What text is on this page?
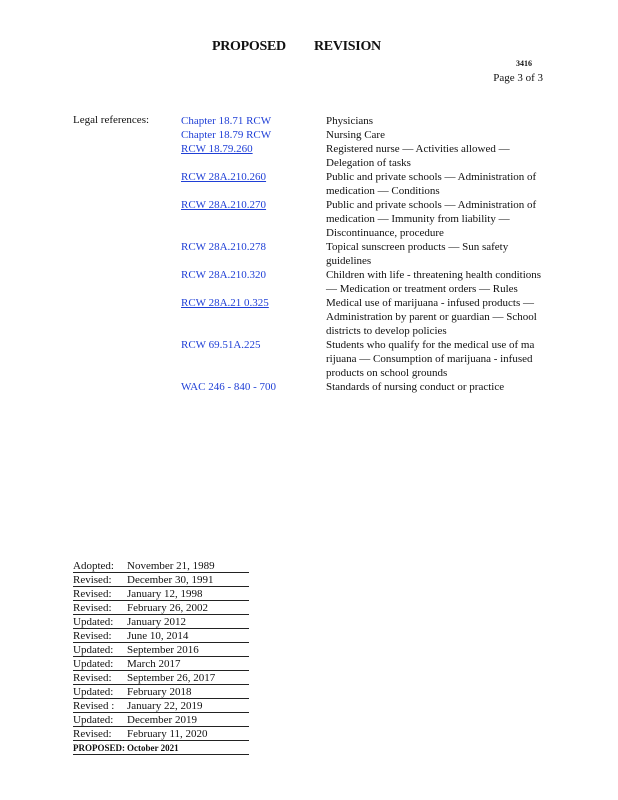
PROPOSED REVISION
3416
Page 3 of 3
Legal references:	Chapter 18.71 RCW	Physicians
Chapter 18.79 RCW	Nursing Care
RCW 18.79.260	Registered nurse — Activities allowed — Delegation of tasks
RCW 28A.210.260	Public and private schools — Administration of medication — Conditions
RCW 28A.210.270	Public and private schools — Administration of medication — Immunity from liability — Discontinuance, procedure
RCW 28A.210.278	Topical sunscreen products — Sun safety guidelines
RCW 28A.210.320	Children with life - threatening health conditions — Medication or treatment orders — Rules
RCW 28A.21 0.325	Medical use of marijuana - infused products — Administration by parent or guardian — School districts to develop policies
RCW 69.51A.225	Students who qualify for the medical use of ma rijuana — Consumption of marijuana - infused products on school grounds
WAC 246 - 840 - 700	Standards of nursing conduct or practice
Adopted:	November 21, 1989
Revised:	December 30, 1991
Revised:	January 12, 1998
Revised:	February 26, 2002
Updated:	January 2012
Revised:	June 10, 2014
Updated:	September 2016
Updated:	March 2017
Revised:	September 26, 2017
Updated:	February 2018
Revised :	January 22, 2019
Updated:	December 2019
Revised:	February 11, 2020
PROPOSED: October 2021
